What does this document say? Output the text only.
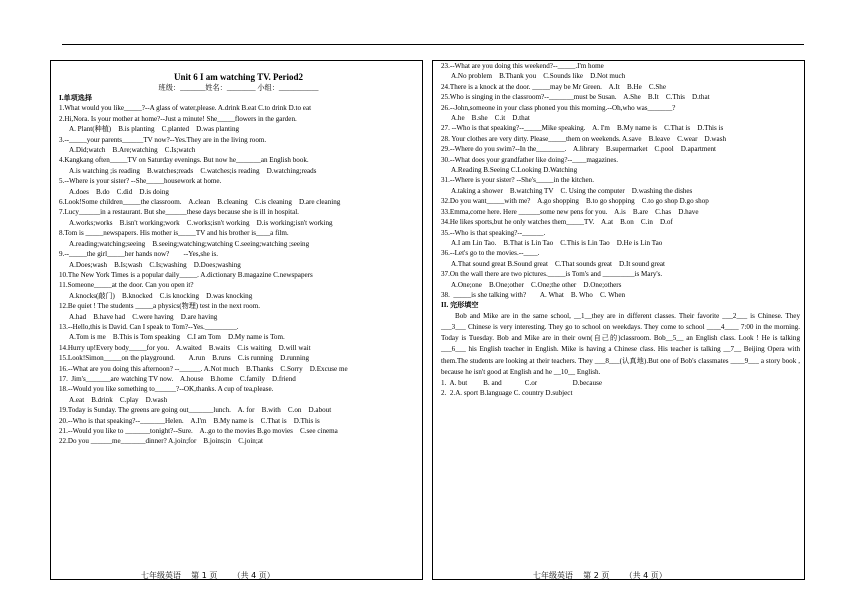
Unit 6 I am watching TV. Period2
班级：_______姓名：________ 小组：___________
I.单项选择
1.What would you like_____?--A glass of water,please. A.drink B.eat C.to drink D.to eat
2.Hi,Nora. Is your mother at home?--Just a minute! She_____flowers in the garden.
A. Plant(种植)    B.is planting    C.planted    D.was planting
3.--_____your parents______TV now?--Yes.They are in the living room.
A.Did;watch    B.Are;watching    C.Is;watch
4.Kangkang often_____TV on Saturday evenings. But now he_______an English book.
A.is watching ;is reading    B.watches;reads    C.watches;is reading    D.watching;reads
5.--Where is your sister? --She_____housework at home.
A.does    B.do    C.did    D.is doing
6.Look!Some children_____the classroom.    A.clean    B.cleaning    C.is cleaning    D.are cleaning
7.Lucy______in a restaurant. But she______these days because she is ill in hospital.
A.works;works    B.isn't working;work    C.works;isn't working    D.is working;isn't working
8.Tom is _____newspapers. His mother is_____TV and his brother is____a film.
A.reading;watching;seeing    B.seeing;watching;watching C.seeing;watching ;seeing
9.--_____the girl_____her hands now?        --Yes,she is.
A.Does;wash    B.Is;wash    C.Is;washing    D.Does;washing
10.The New York Times is a popular daily_____. A.dictionary B.magazine C.newspapers
11.Someone_____at the door. Can you open it?
A.knocks(敲门)    B.knocked    C.is knocking    D.was knocking
12.Be quiet ! The students _____a physics(物理) test in the next room.
A.had    B.have had    C.were having    D.are having
13.--Hello,this is David. Can I speak to Tom?--Yes._________.
A.Tom is me    B.This is Tom speaking    C.I am Tom    D.My name is Tom.
14.Hurry up!Every body_____for you.    A.waited    B.waits    C.is waiting    D.will wait
15.Look!Simon_____on the playground.        A.run    B.runs    C.is running    D.running
16.--What are you doing this afternoon? --______. A.Not much    B.Thanks    C.Sorry    D.Excuse me
17.  Jim's_______are watching TV now.    A.house    B.home    C.family    D.friend
18.--Would you like something to______?--OK,thanks. A cup of tea,please.
A.eat    B.drink    C.play    D.wash
19.Today is Sunday. The greens are going out_______lunch.    A. for    B.with    C.on    D.about
20.--Who is that speaking?--_______Helen.    A.I'm    B.My name is    C.That is    D.This is
21.--Would you like to _______tonight?--Sure.    A..go to the movies B.go movies    C.see cinema
22.Do you ______me_______dinner? A.join;for    B.joins;in    C.join;at
23.--What are you doing this weekend?--_____.I'm home
A.No problem    B.Thank you    C.Sounds like    D.Not much
24.There is a knock at the door. _____may be Mr Green.    A.It    B.He    C.She
25.Who is singing in the classroom?--_______must be Susan.    A.She    B.It    C.This    D.that
26.--John,someone in your class phoned you this morning.--Oh,who was_______?
A.he    B.she    C.it    D.that
27. --Who is that speaking?--_____Mike speaking.    A. I'm    B.My name is    C.That is    D.This is
28. Your clothes are very dirty. Please_____them on weekends. A.save    B.leave    C.wear    D.wash
29.--Where do you swim?--In the________.    A.library    B.supermarket    C.pool    D.apartment
30.--What does your grandfather like doing?--____magazines.
A.Reading B.Seeing C.Looking D.Watching
31.--Where is your sister? --She's_____in the kitchen.
A.taking a shower    B.watching TV    C. Using the computer    D.washing the dishes
32.Do you want_____with me?    A.go shopping    B.to go shopping    C.to go shop D.go shop
33.Emma,come here. Here ______some new pens for you.    A.is    B.are    C.has    D.have
34.He likes sports,but he only watches them_____TV.    A.at    B.on    C.in    D.of
35.--Who is that speaking?--______.
A.I am Lin Tao.    B.That is Lin Tao    C.This is Lin Tao    D.He is Lin Tao
36.--Let's go to the movies.--____.
A.That sound great B.Sound great    C.That sounds great    D.It sound great
37.On the wall there are two pictures._____is Tom's and _________is Mary's.
A.One;one    B.One;other    C.One;the other    D.One;others
38.  _____is she talking with?        A. What    B. Who    C. When
II. 完形填空
Bob and Mike are in the same school, __1__they are in different classes. Their favorite ___2___ is Chinese. They ___3___ Chinese is very interesting. They go to school on weekdays. They come to school ____4____ 7:00 in the morning. Today is Tuesday. Bob and Mike are in their own(自己的)classroom. Bob__5__ an English class. Look ! He is talking ___6___ his English teacher in English. Mike is having a Chinese class. His teacher is talking __7__ Beijing Opera with them.The students are looking at their teachers. They ___8___(认真地).But one of Bob's classmates ____9___ a story book , because he isn't good at English and he __10__ English.
1.  A. but         B. and             C.or                    D.because
2.  2.A. sport B.language C. country D.subject
七年级英语    第 1 页      （共 4 页）	七年级英语    第 2 页      （共 4 页）
